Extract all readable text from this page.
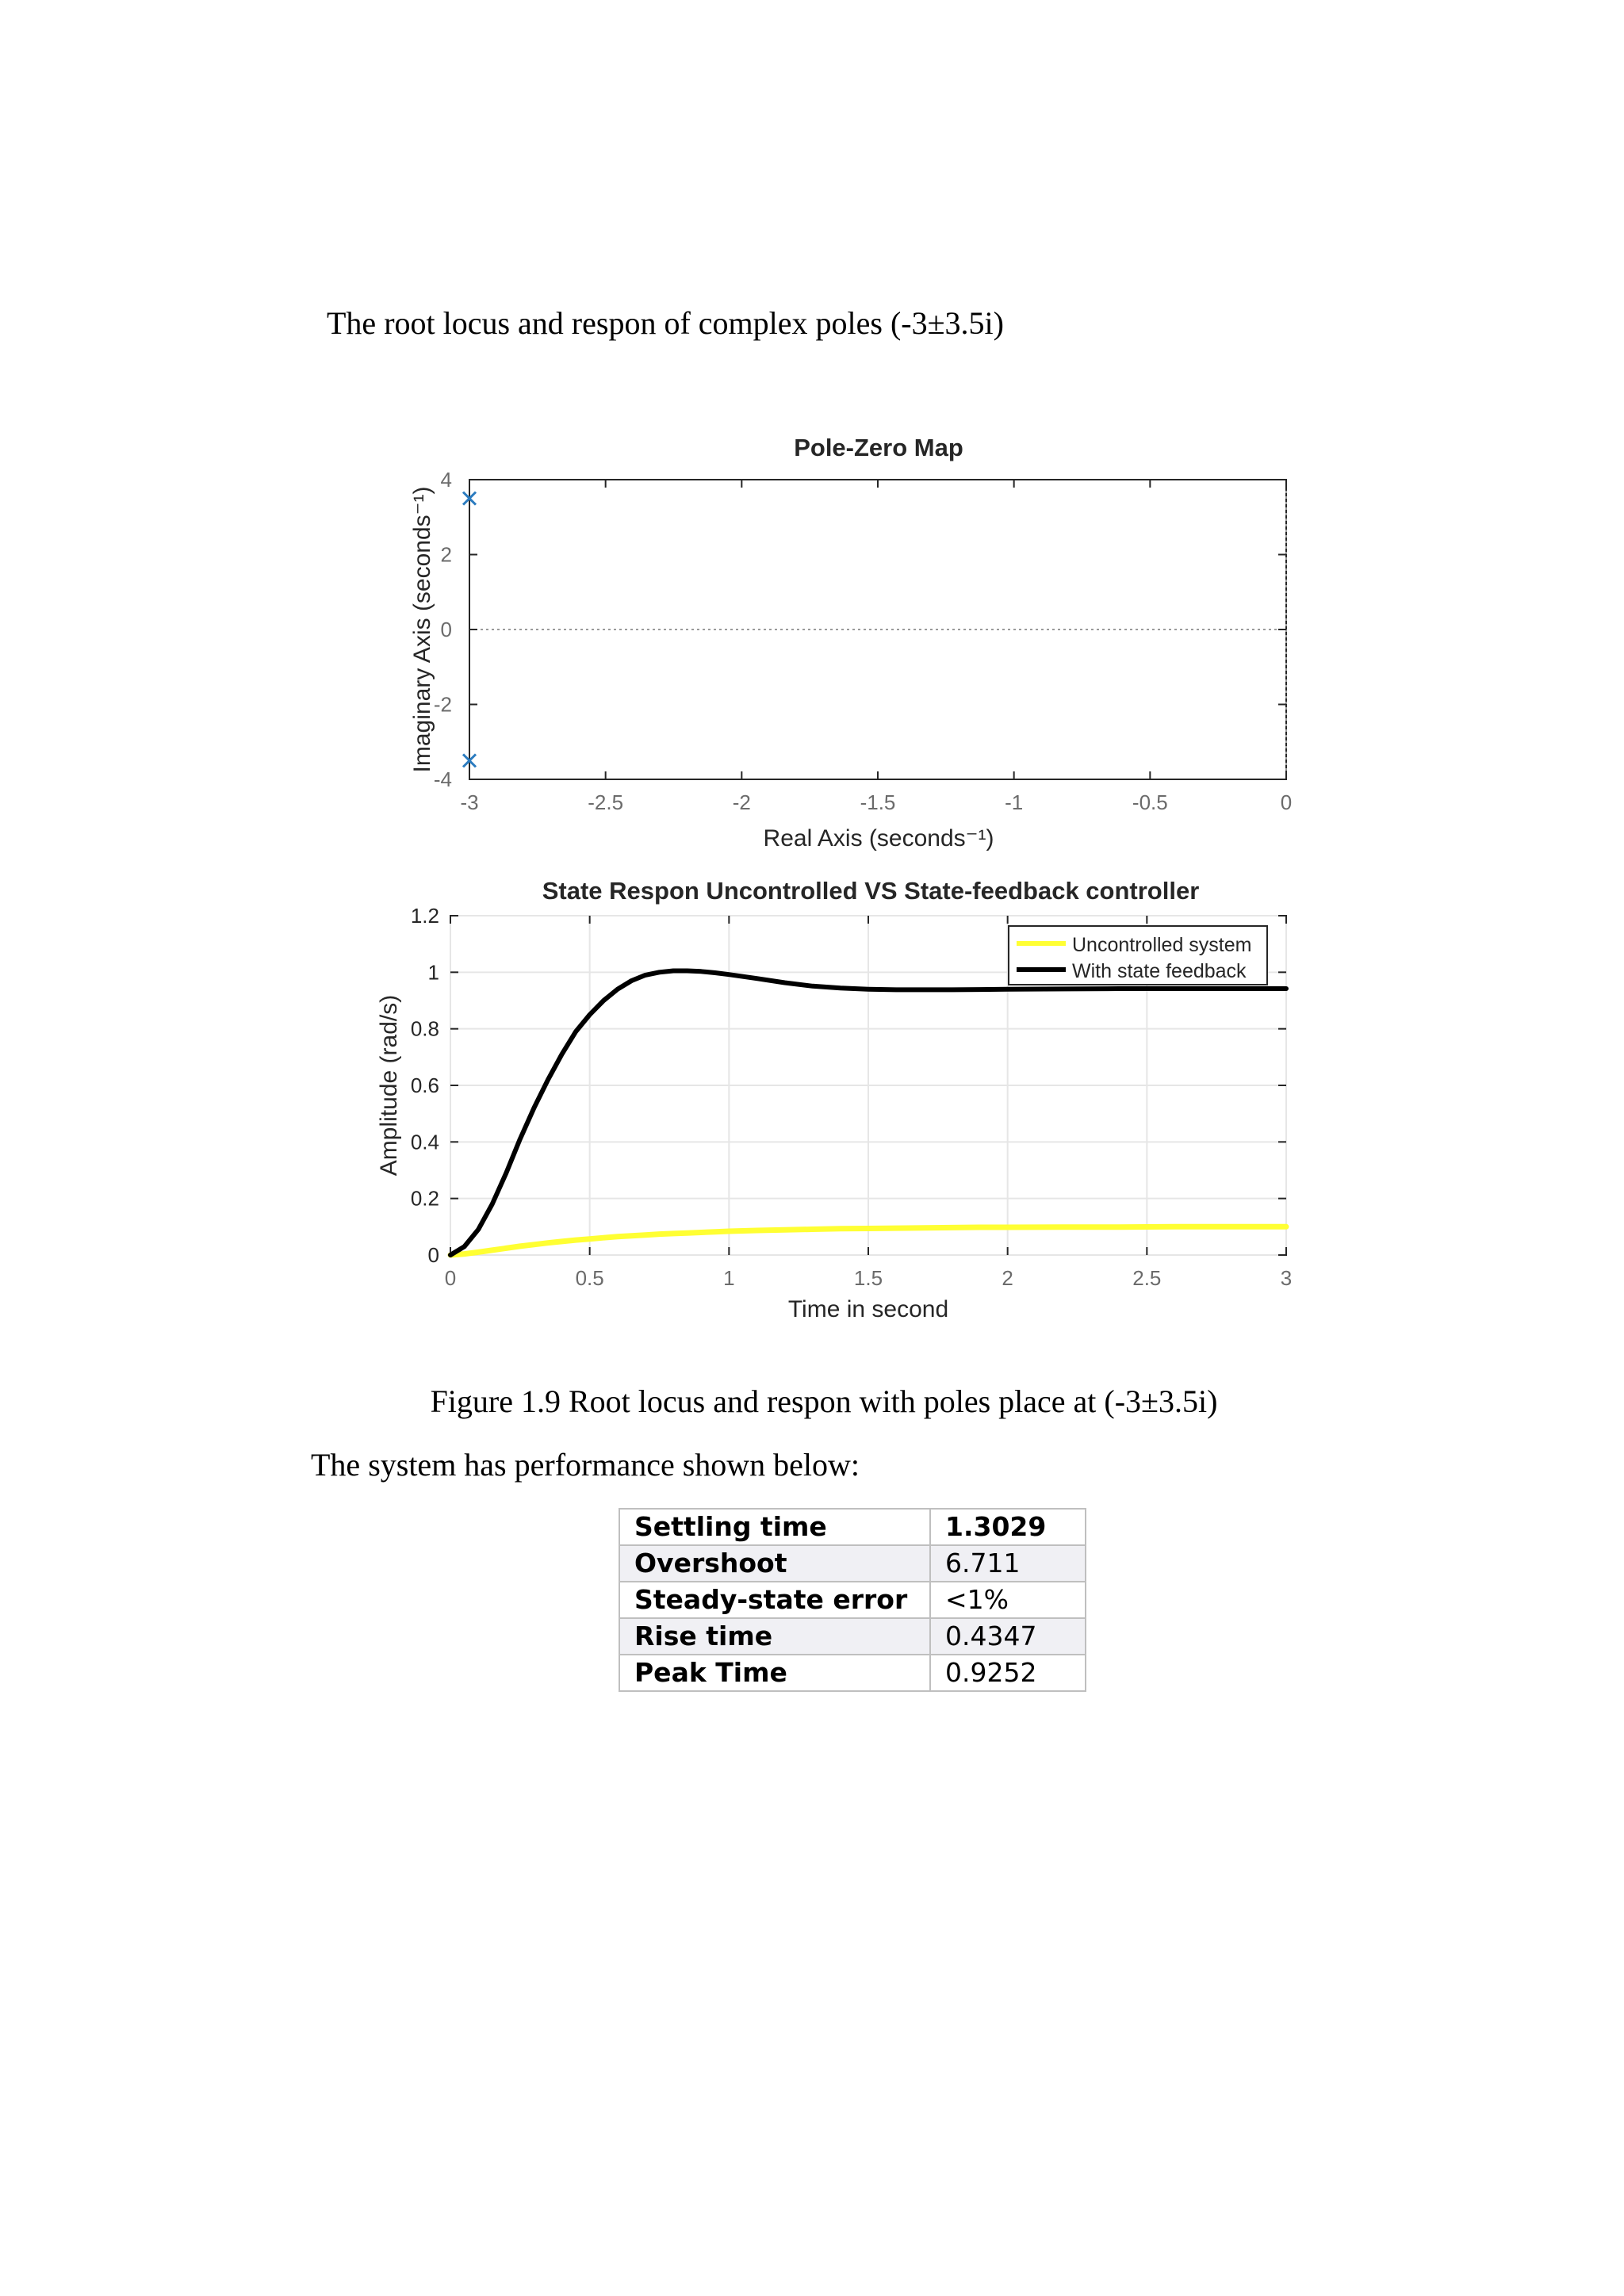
The root locus and respon of complex poles (-3±3.5i)
Pole-Zero Map
-3	-2.5	-2	-1.5	-1	-0.5	0
4
2
0
-2
-4
Real Axis (seconds⁻¹)
Imaginary Axis (seconds⁻¹)
State Respon Uncontrolled VS State-feedback controller
0	0.5	1	1.5	2	2.5	3
1.2
1
0.8
0.6
0.4
0.2
0
Uncontrolled system
With state feedback
Time in second
Amplitude (rad/s)
Figure 1.9 Root locus and respon with poles place at (-3±3.5i)
The system has performance shown below:
Settling time	1.3029
Overshoot	6.711
Steady-state error	<1%
Rise time	0.4347
Peak Time	0.9252
